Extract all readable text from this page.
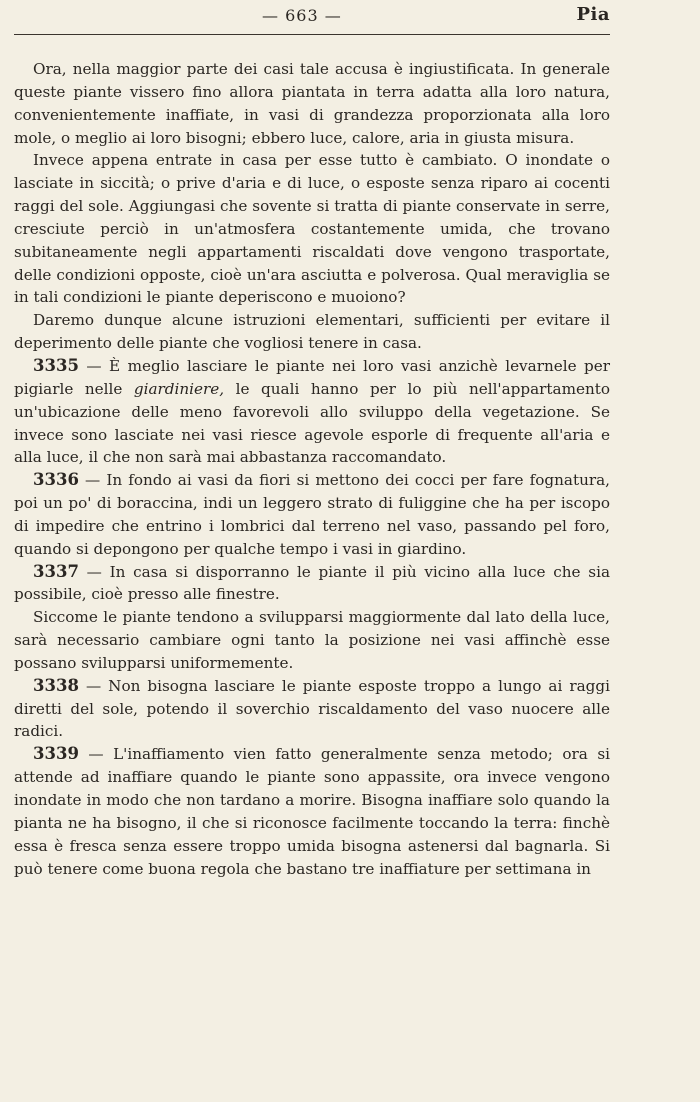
— 663 —	Pia

Ora, nella maggior parte dei casi tale accusa è ingiustificata. In generale queste piante vissero fino allora piantata in terra adatta alla loro natura, convenientemente inaffiate, in vasi di grandezza proporzionata alla loro mole, o meglio ai loro bisogni; ebbero luce, calore, aria in giusta misura.

Invece appena entrate in casa per esse tutto è cambiato. O inondate o lasciate in siccità; o prive d'aria e di luce, o esposte senza riparo ai cocenti raggi del sole. Aggiungasi che sovente si tratta di piante conservate in serre, cresciute perciò in un'atmosfera costantemente umida, che trovano subitaneamente negli appartamenti riscaldati dove vengono trasportate, delle condizioni opposte, cioè un'ara asciutta e polverosa. Qual meraviglia se in tali condizioni le piante deperiscono e muoiono?

Daremo dunque alcune istruzioni elementari, sufficienti per evitare il deperimento delle piante che vogliosi tenere in casa.

3335 — È meglio lasciare le piante nei loro vasi anzichè levarnele per pigiarle nelle giardiniere, le quali hanno per lo più nell'appartamento un'ubicazione delle meno favorevoli allo sviluppo della vegetazione. Se invece sono lasciate nei vasi riesce agevole esporle di frequente all'aria e alla luce, il che non sarà mai abbastanza raccomandato.

3336 — In fondo ai vasi da fiori si mettono dei cocci per fare fognatura, poi un po' di boraccina, indi un leggero strato di fuliggine che ha per iscopo di impedire che entrino i lombrici dal terreno nel vaso, passando pel foro, quando si depongono per qualche tempo i vasi in giardino.

3337 — In casa si disporranno le piante il più vicino alla luce che sia possibile, cioè presso alle finestre.

Siccome le piante tendono a svilupparsi maggiormente dal lato della luce, sarà necessario cambiare ogni tanto la posizione nei vasi affinchè esse possano svilupparsi uniformemente.

3338 — Non bisogna lasciare le piante esposte troppo a lungo ai raggi diretti del sole, potendo il soverchio riscaldamento del vaso nuocere alle radici.

3339 — L'inaffiamento vien fatto generalmente senza metodo; ora si attende ad inaffiare quando le piante sono appassite, ora invece vengono inondate in modo che non tardano a morire. Bisogna inaffiare solo quando la pianta ne ha bisogno, il che si riconosce facilmente toccando la terra: finchè essa è fresca senza essere troppo umida bisogna astenersi dal bagnarla. Si può tenere come buona regola che bastano tre inaffiature per settimana in
